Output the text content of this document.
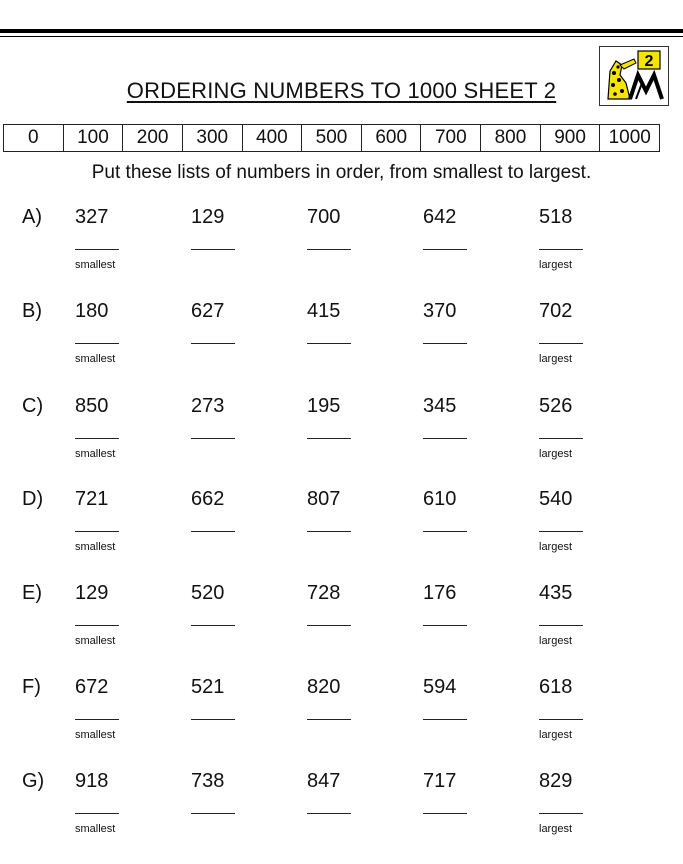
ORDERING NUMBERS TO 1000 SHEET 2
2
0	100	200	300	400	500	600	700	800	900	1000
Put these lists of numbers in order, from smallest to largest.
A) 327	129	700	642	518
smallest	largest
B) 180	627	415	370	702
smallest	largest
C) 850	273	195	345	526
smallest	largest
D) 721	662	807	610	540
smallest	largest
E) 129	520	728	176	435
smallest	largest
F) 672	521	820	594	618
smallest	largest
G) 918	738	847	717	829
smallest	largest
